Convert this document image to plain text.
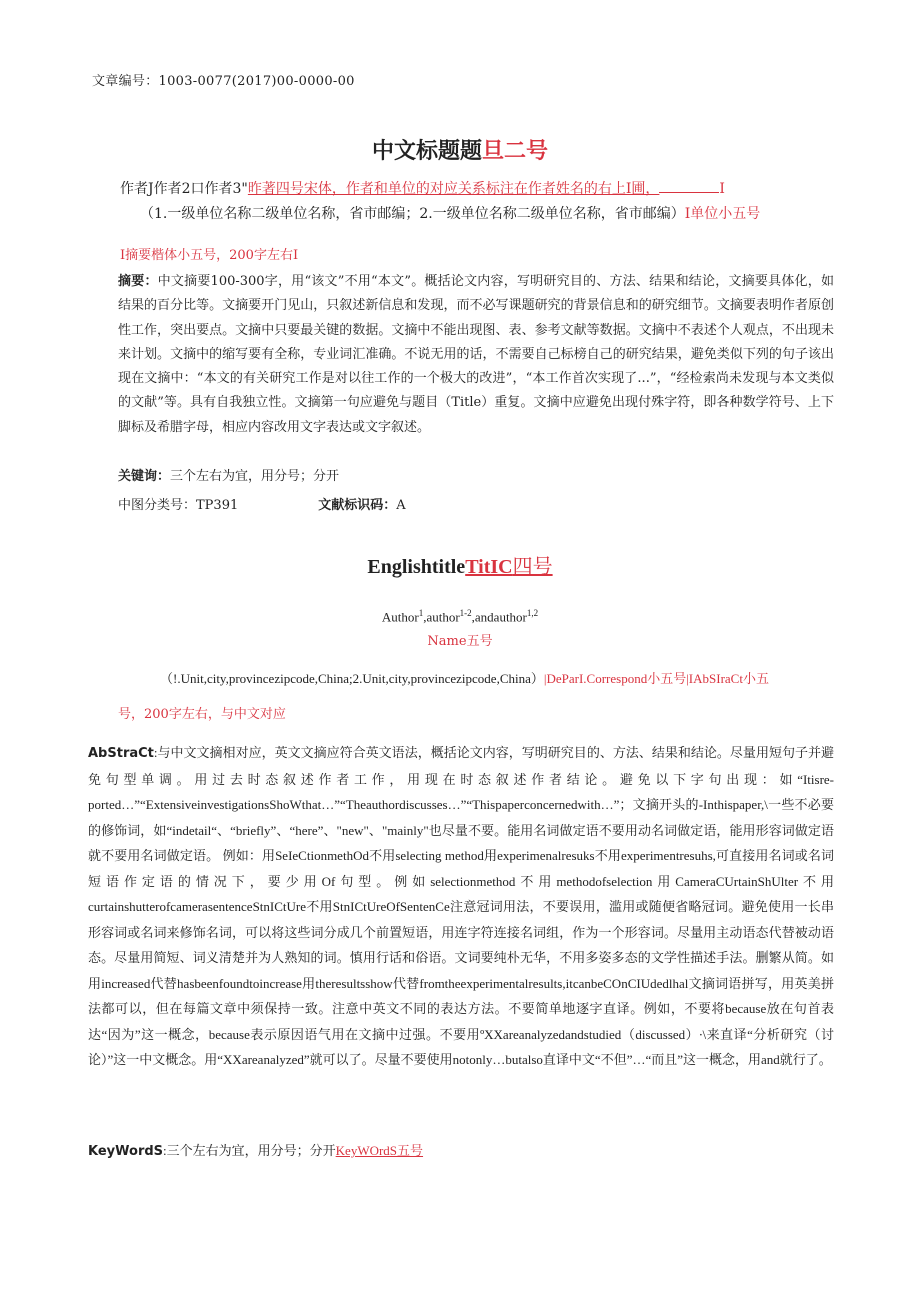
文章编号：1003-0077(2017)00-0000-00
中文标题题旦二号
作者J作者2口作者3"昨著四号宋体，作者和单位的对应关系标注在作者姓名的右上I圃，	I
（1.一级单位名称二级单位名称，省市邮编；2.一级单位名称二级单位名称，省市邮编）I单位小五号
I摘要楷体小五号，200字左右I
摘要：中文摘要100-300字，用“该文”不用“本文”。概括论文内容，写明研究目的、方法、结果和结论，文摘要具体化，如结果的百分比等。文摘要开门见山，只叙述新信息和发现，而不必写课题研究的背景信息和的研究细节。文摘要表明作者原创性工作，突出要点。文摘中只要最关键的数据。文摘中不能出现图、表、参考文献等数据。文摘中不表述个人观点，不出现未来计划。文摘中的缩写要有全称，专业词汇准确。不说无用的话，不需要自己标榜自己的研究结果，避免类似下列的句子该出现在文摘中：“本文的有关研究工作是对以往工作的一个极大的改进”，“本工作首次实现了...”，“经检索尚未发现与本文类似的文献”等。具有自我独立性。文摘第一句应避免与题目（Title）重复。文摘中应避免出现付殊字符，即各种数学符号、上下脚标及希腊字母，相应内容改用文字表达或文字叙述。
关键询：三个左右为宜，用分号；分开
中图分类号：TP391	文献标识码：A
EnglishtitleTitIC四号
Author$^1$,author$^{1-2}$,andauthor$^{1,2}$
Name五号
（!.Unit,city,provincezipcode,China;2.Unit,city,provincezipcode,China）|DeParI.Correspond小五号|IAbSIraCt小五
号，200字左右，与中文对应
AbStraCt:与中文文摘相对应，英文文摘应符合英文语法，概括论文内容，写明研究目的、方法、结果和结论。尽量用短句子并避免句型单调。用过去时态叙述作者工作，用现在时态叙述作者结论。避免以下字句出现：如“Itisre-ported…”“ExtensiveinvestigationsShoWthat…”“Theauthordiscusses…”“Thispaperconcernedwith…”；文摘开头的-Inthispaper,\一些不必要的修饰词，如“indetail“、“briefly”、“here”、"new"、"mainly"也尽量不要。能用名词做定语不要用动名词做定语，能用形容词做定语就不要用名词做定语。 例如：用SeIeCtionmethOd不用selecting method用experimenalresuks不用experimentresuhs,可直接用名词或名词短语作定语的情况下，要少用Of句型。例如selectionmethod不用methodofselection用CameraCUrtainShUlter不用curtainshutterofcamerasentenceStnICtUre不用StnICtUreOfSentenCe注意冠词用法，不要误用，滥用或随便省略冠词。避免使用一长串形容词或名词来修饰名词，可以将这些词分成几个前置短语，用连字符连接名词组，作为一个形容词。尽量用主动语态代替被动语态。尽量用简短、词义清楚并为人熟知的词。慎用行话和俗语。文词要纯朴无华，不用多姿多态的文学性描述手法。删繁从简。如用increased代替hasbeenfoundtoincrease用theresultsshow代替fromtheexperimentalresults,itcanbeCOnCIUdedlhal文摘词语拼写，用英美拼法都可以，但在每篇文章中须保持一致。注意中英文不同的表达方法。不要简单地逐字直译。例如，不要将because放在句首表达“因为”这一概念，because表示原因语气用在文摘中过强。不要用ºXXareanalyzedandstudied（discussed）∙\来直译“分析研究（讨论）”这一中文概念。用“XXareanalyzed”就可以了。尽量不要使用notonly…butalso直译中文“不但”…“而且”这一概念，用and就行了。
KeyWordS:三个左右为宜，用分号；分开KeyWOrdS五号
